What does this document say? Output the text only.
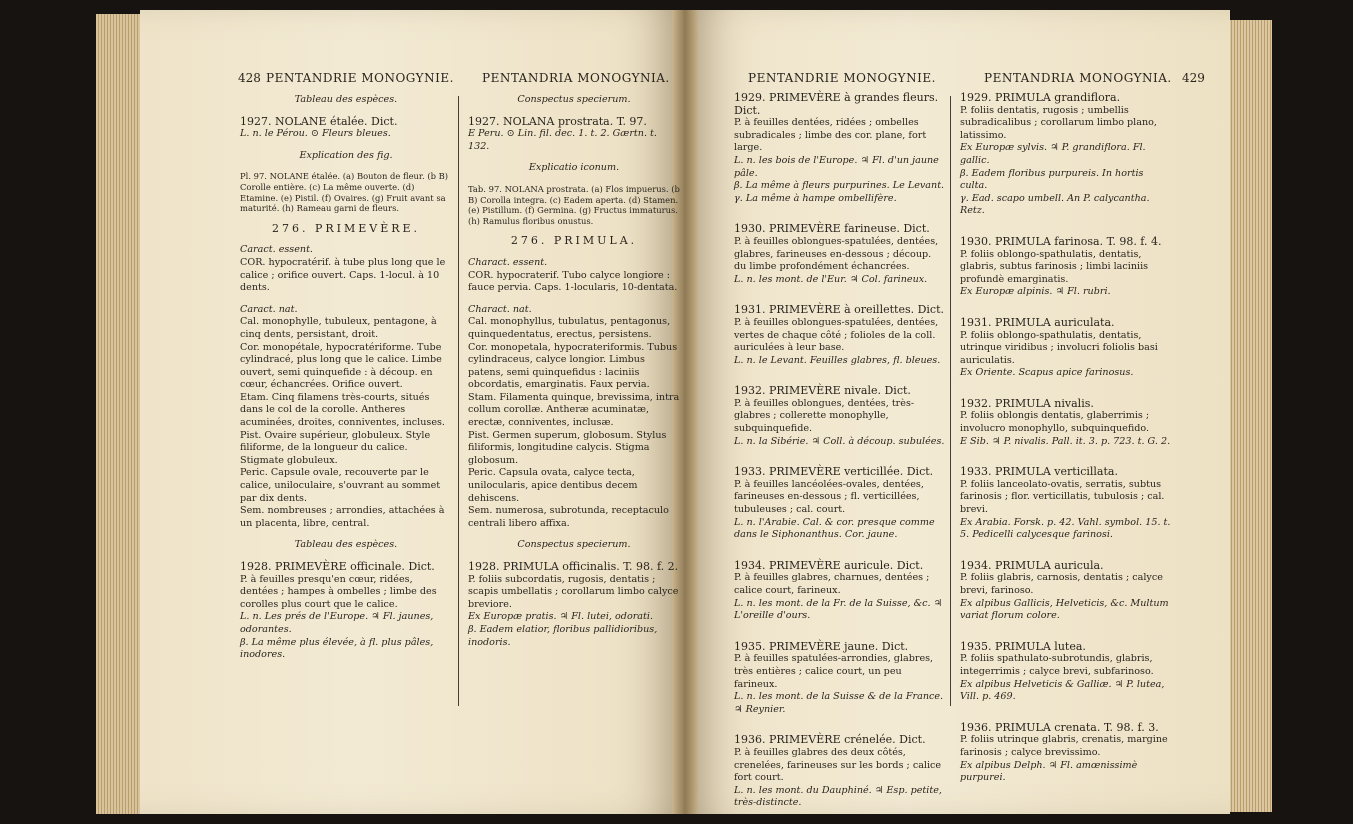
428 PENTANDRIE MONOGYNIE. PENTANDRIA MONOGYNIA.	PENTANDRIE MONOGYNIE.	PENTANDRIA MONOGYNIA. 429
Tableau des espèces.
1927. NOLANE étalée. Dict.
L. n. le Pérou. ⊙ Fleurs bleues.
Explication des fig.
Pl. 97. NOLANE étalée. (a) Bouton de fleur. (b B) Corolle entière. (c) La même ouverte. (d) Etamine. (e) Pistil. (f) Ovaires. (g) Fruit avant sa maturité. (h) Rameau garni de fleurs.
276. PRIMEVÈRE.
Caract. essent.
COR. hypocratérif. à tube plus long que le calice ; orifice ouvert. Caps. 1-locul. à 10 dents.
Caract. nat.
Cal. monophylle, tubuleux, pentagone, à cinq dents, persistant, droit.
Cor. monopétale, hypocratériforme. Tube cylindracé, plus long que le calice. Limbe ouvert, semi quinquefide : à découp. en cœur, échancrées. Orifice ouvert.
Etam. Cinq filamens très-courts, situés dans le col de la corolle. Antheres acuminées, droites, conniventes, incluses.
Pist. Ovaire supérieur, globuleux. Style filiforme, de la longueur du calice. Stigmate globuleux.
Peric. Capsule ovale, recouverte par le calice, uniloculaire, s'ouvrant au sommet par dix dents.
Sem. nombreuses ; arrondies, attachées à un placenta, libre, central.
Tableau des espèces.
1928. PRIMEVÈRE officinale. Dict.
P. à feuilles presqu'en cœur, ridées, dentées ; hampes à ombelles ; limbe des corolles plus court que le calice.
L. n. Les prés de l'Europe. ♃ Fl. jaunes, odorantes.
β. La même plus élevée, à fl. plus pâles, inodores.
Conspectus specierum.
1927. NOLANA prostrata. T. 97.
E Peru. ⊙ Lin. fil. dec. 1. t. 2. Gærtn. t. 132.
Explicatio iconum.
Tab. 97. NOLANA prostrata. (a) Flos impuerus. (b B) Corolla integra. (c) Eadem aperta. (d) Stamen. (e) Pistillum. (f) Germina. (g) Fructus immaturus. (h) Ramulus floribus onustus.
276. PRIMULA.
Charact. essent.
COR. hypocraterif. Tubo calyce longiore : fauce pervia. Caps. 1-locularis, 10-dentata.
Charact. nat.
Cal. monophyllus, tubulatus, pentagonus, quinquedentatus, erectus, persistens.
Cor. monopetala, hypocrateriformis. Tubus cylindraceus, calyce longior. Limbus patens, semi quinquefidus : laciniis obcordatis, emarginatis. Faux pervia.
Stam. Filamenta quinque, brevissima, intra collum corollæ. Antheræ acuminatæ, erectæ, conniventes, inclusæ.
Pist. Germen superum, globosum. Stylus filiformis, longitudine calycis. Stigma globosum.
Peric. Capsula ovata, calyce tecta, unilocularis, apice dentibus decem dehiscens.
Sem. numerosa, subrotunda, receptaculo centrali libero affixa.
Conspectus specierum.
1928. PRIMULA officinalis. T. 98. f. 2.
P. foliis subcordatis, rugosis, dentatis ; scapis umbellatis ; corollarum limbo calyce breviore.
Ex Europæ pratis. ♃ Fl. lutei, odorati.
β. Eadem elatior, floribus pallidioribus, inodoris.
1929. PRIMEVÈRE à grandes fleurs. Dict.
P. à feuilles dentées, ridées ; ombelles subradicales ; limbe des cor. plane, fort large.
L. n. les bois de l'Europe. ♃ Fl. d'un jaune pâle.
β. La même à fleurs purpurines. Le Levant.
γ. La même à hampe ombellifère.
1930. PRIMEVÈRE farineuse. Dict.
P. à feuilles oblongues-spatulées, dentées, glabres, farineuses en-dessous ; découp. du limbe profondément échancrées.
L. n. les mont. de l'Eur. ♃ Col. farineux.
1931. PRIMEVÈRE à oreillettes. Dict.
P. à feuilles oblongues-spatulées, dentées, vertes de chaque côté ; folioles de la coll. auriculées à leur base.
L. n. le Levant. Feuilles glabres, fl. bleues.
1932. PRIMEVÈRE nivale. Dict.
P. à feuilles oblongues, dentées, très-glabres ; collerette monophylle, subquinquefide.
L. n. la Sibérie. ♃ Coll. à découp. subulées.
1933. PRIMEVÈRE verticillée. Dict.
P. à feuilles lancéolées-ovales, dentées, farineuses en-dessous ; fl. verticillées, tubuleuses ; cal. court.
L. n. l'Arabie. Cal. & cor. presque comme dans le Siphonanthus. Cor. jaune.
1934. PRIMEVÈRE auricule. Dict.
P. à feuilles glabres, charnues, dentées ; calice court, farineux.
L. n. les mont. de la Fr. de la Suisse, &c. ♃ L'oreille d'ours.
1935. PRIMEVÈRE jaune. Dict.
P. à feuilles spatulées-arrondies, glabres, très entières ; calice court, un peu farineux.
L. n. les mont. de la Suisse & de la France. ♃ Reynier.
1936. PRIMEVÈRE crénelée. Dict.
P. à feuilles glabres des deux côtés, crenelées, farineuses sur les bords ; calice fort court.
L. n. les mont. du Dauphiné. ♃ Esp. petite, très-distincte.
1929. PRIMULA grandiflora.
P. foliis dentatis, rugosis ; umbellis subradicalibus ; corollarum limbo plano, latissimo.
Ex Europæ sylvis. ♃ P. grandiflora. Fl. gallic.
β. Eadem floribus purpureis. In hortis culta.
γ. Ead. scapo umbell. An P. calycantha. Retz.
1930. PRIMULA farinosa. T. 98. f. 4.
P. foliis oblongo-spathulatis, dentatis, glabris, subtus farinosis ; limbi laciniis profundè emarginatis.
Ex Europæ alpinis. ♃ Fl. rubri.
1931. PRIMULA auriculata.
P. foliis oblongo-spathulatis, dentatis, utrinque viridibus ; involucri foliolis basi auriculatis.
Ex Oriente. Scapus apice farinosus.
1932. PRIMULA nivalis.
P. foliis oblongis dentatis, glaberrimis ; involucro monophyllo, subquinquefido.
E Sib. ♃ P. nivalis. Pall. it. 3. p. 723. t. G. 2.
1933. PRIMULA verticillata.
P. foliis lanceolato-ovatis, serratis, subtus farinosis ; flor. verticillatis, tubulosis ; cal. brevi.
Ex Arabia. Forsk. p. 42. Vahl. symbol. 15. t. 5. Pedicelli calycesque farinosi.
1934. PRIMULA auricula.
P. foliis glabris, carnosis, dentatis ; calyce brevi, farinoso.
Ex alpibus Gallicis, Helveticis, &c. Multum variat florum colore.
1935. PRIMULA lutea.
P. foliis spathulato-subrotundis, glabris, integerrimis ; calyce brevi, subfarinoso.
Ex alpibus Helveticis & Galliæ. ♃ P. lutea, Vill. p. 469.
1936. PRIMULA crenata. T. 98. f. 3.
P. foliis utrinque glabris, crenatis, margine farinosis ; calyce brevissimo.
Ex alpibus Delph. ♃ Fl. amœnissimè purpurei.
